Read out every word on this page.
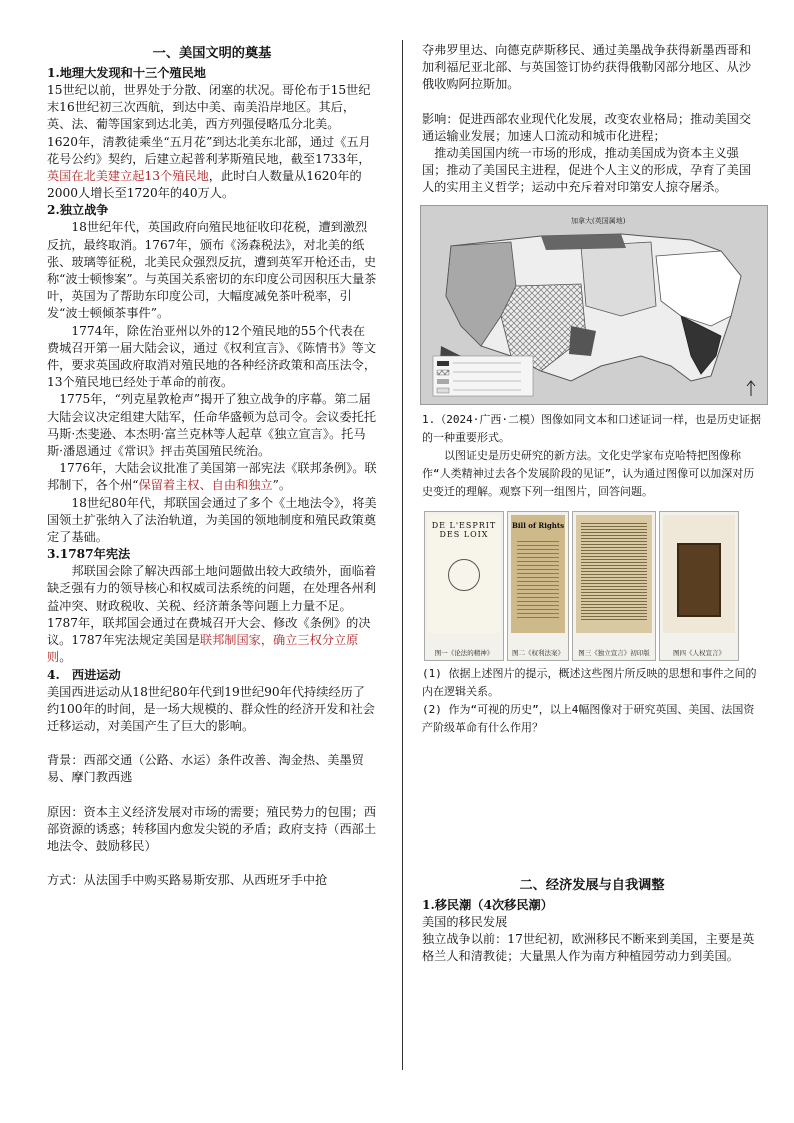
一、美国文明的奠基
1.地理大发现和十三个殖民地

15世纪以前，世界处于分散、闭塞的状况。哥伦布于15世纪末16世纪初三次西航，到达中美、南美沿岸地区。其后，英、法、葡等国家到达北美，西方列强侵略瓜分北美。

1620年，清教徒乘坐“五月花”到达北美东北部，通过《五月花号公约》契约，后建立起普利茅斯殖民地，截至1733年，英国在北美建立起13个殖民地，此时白人数量从1620年的2000人增长至1720年的40万人。

2.独立战争

18世纪年代，英国政府向殖民地征收印花税，遭到激烈反抗，最终取消。1767年，颁布《汤森税法》，对北美的纸张、玻璃等征税，北美民众强烈反抗，遭到英军开枪还击，史称“波士顿惨案”。与英国关系密切的东印度公司因积压大量茶叶，英国为了帮助东印度公司，大幅度减免茶叶税率，引发“波士顿倾茶事件”。

1774年，除佐治亚州以外的12个殖民地的55个代表在费城召开第一届大陆会议，通过《权利宣言》、《陈情书》等文件，要求英国政府取消对殖民地的各种经济政策和高压法令，13个殖民地已经处于革命的前夜。

1775年，“列克星敦枪声”揭开了独立战争的序幕。第二届大陆会议决定组建大陆军，任命华盛顿为总司令。会议委托托马斯·杰斐逊、本杰明·富兰克林等人起草《独立宣言》。托马斯·潘恩通过《常识》抨击英国殖民统治。

1776年，大陆会议批准了美国第一部宪法《联邦条例》。联邦制下，各个州“保留着主权、自由和独立”。

18世纪80年代，邦联国会通过了多个《土地法令》，将美国领土扩张纳入了法治轨道，为美国的领地制度和殖民政策奠定了基础。

3.1787年宪法

邦联国会除了解决西部土地问题做出较大政绩外，面临着缺乏强有力的领导核心和权威司法系统的问题，在处理各州利益冲突、财政税收、关税、经济萧条等问题上力量不足。1787年，联邦国会通过在费城召开大会、修改《条例》的决议。1787年宪法规定美国是联邦制国家，确立三权分立原则。

4.　西进运动

美国西进运动从18世纪80年代到19世纪90年代持续经历了约100年的时间，是一场大规模的、群众性的经济开发和社会迁移运动，对美国产生了巨大的影响。

背景：西部交通（公路、水运）条件改善、淘金热、美墨贸易、摩门教西逃

原因：资本主义经济发展对市场的需要；殖民势力的包围；西部资源的诱惑；转移国内愈发尖锐的矛盾；政府支持（西部土地法令、鼓励移民）

方式：从法国手中购买路易斯安那、从西班牙手中抢

夺弗罗里达、向德克萨斯移民、通过美墨战争获得新墨西哥和加利福尼亚北部、与英国签订协约获得俄勒冈部分地区、从沙俄收购阿拉斯加。

影响：促进西部农业现代化发展，改变农业格局；推动美国交通运输业发展；加速人口流动和城市化进程；

推动美国国内统一市场的形成，推动美国成为资本主义强国；推动了美国民主进程，促进个人主义的形成，孕育了美国人的实用主义哲学；运动中充斥着对印第安人掠夺屠杀。

加拿大(英国属地)

1.（2024·广西·二模）图像如同文本和口述证词一样，也是历史证据的一种重要形式。

以图证史是历史研究的新方法。文化史学家布克哈特把图像称作“人类精神过去各个发展阶段的见证”，认为通过图像可以加深对历史变迁的理解。观察下列一组图片，回答问题。

DE L'ESPRIT DES LOIX
图一《论法的精神》
Bill of Rights
图二《权利法案》	图三《独立宣言》初印版	图四《人权宣言》

(1) 依据上述图片的提示，概述这些图片所反映的思想和事件之间的内在逻辑关系。

(2) 作为“可视的历史”，以上4幅图像对于研究英国、美国、法国资产阶级革命有什么作用？

二、经济发展与自我调整
1.移民潮（4次移民潮）

美国的移民发展

独立战争以前：17世纪初，欧洲移民不断来到美国，主要是英格兰人和清教徒；大量黑人作为南方种植园劳动力到美国。
